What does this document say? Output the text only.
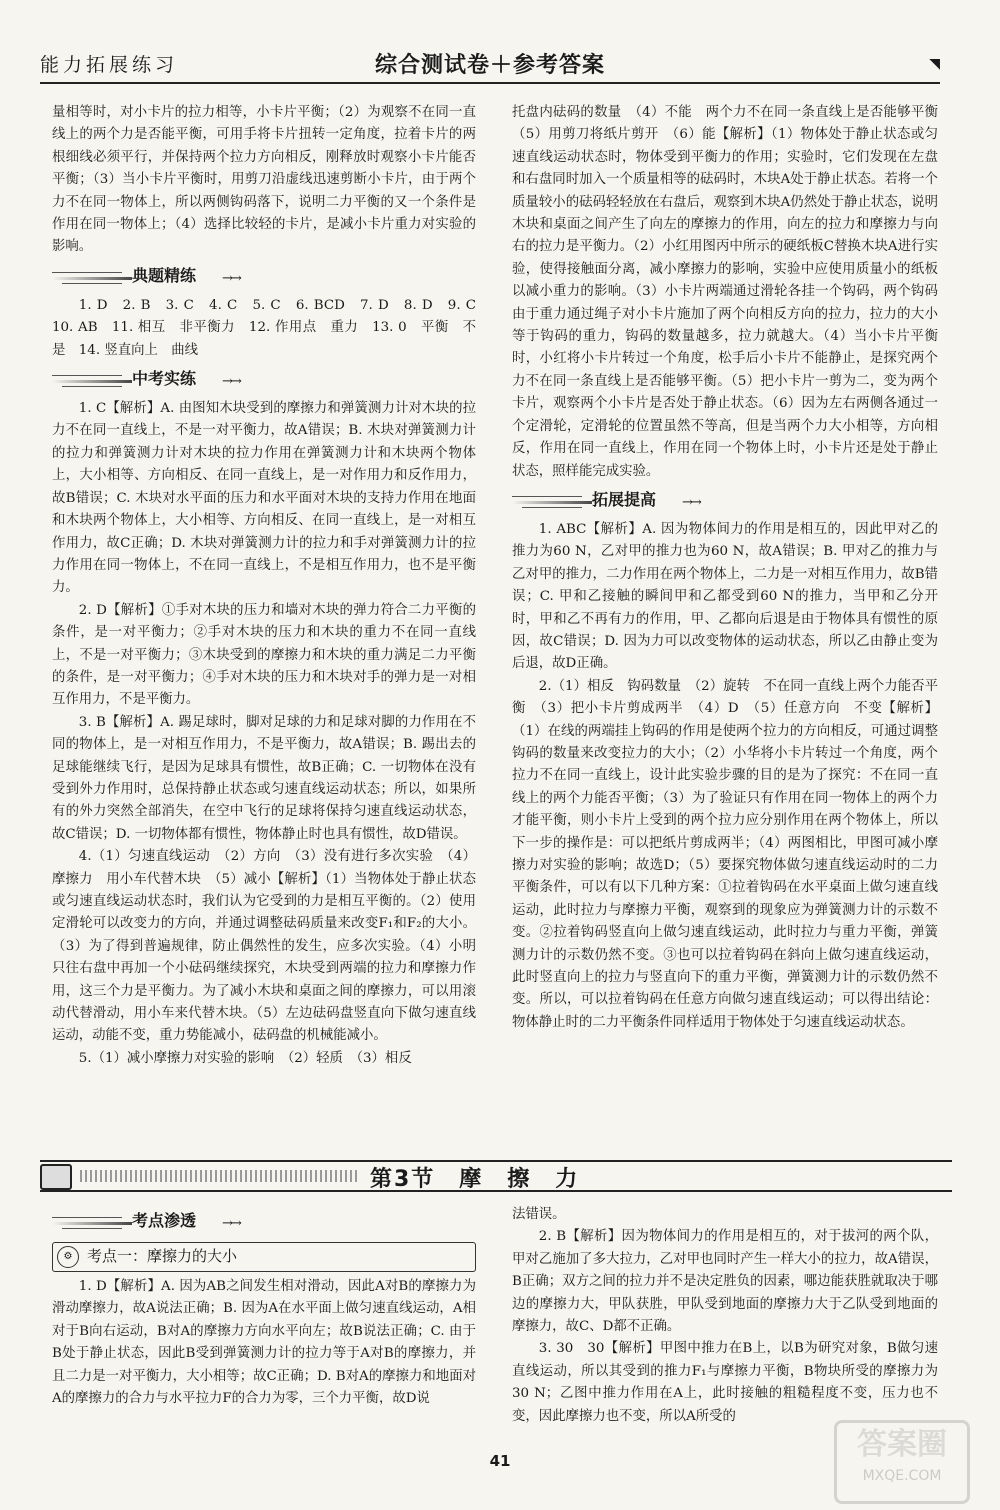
能力拓展练习	综合测试卷＋参考答案	◥

量相等时，对小卡片的拉力相等，小卡片平衡；（2）为观察不在同一直线上的两个力是否能平衡，可用手将卡片扭转一定角度，拉着卡片的两根细线必须平行，并保持两个拉力方向相反，刚释放时观察小卡片能否平衡；（3）当小卡片平衡时，用剪刀沿虚线迅速剪断小卡片，由于两个力不在同一物体上，所以两侧钩码落下，说明二力平衡的又一个条件是作用在同一物体上；（4）选择比较轻的卡片，是减小卡片重力对实验的影响。

典题精练 →→

1. D　2. B　3. C　4. C　5. C　6. BCD　7. D　8. D　9. C　10. AB　11. 相互　非平衡力　12. 作用点　重力　13. 0　平衡　不是　14. 竖直向上　曲线

中考实练 →→

1. C【解析】A. 由图知木块受到的摩擦力和弹簧测力计对木块的拉力不在同一直线上，不是一对平衡力，故A错误；B. 木块对弹簧测力计的拉力和弹簧测力计对木块的拉力作用在弹簧测力计和木块两个物体上，大小相等、方向相反、在同一直线上，是一对作用力和反作用力，故B错误；C. 木块对水平面的压力和水平面对木块的支持力作用在地面和木块两个物体上，大小相等、方向相反、在同一直线上，是一对相互作用力，故C正确；D. 木块对弹簧测力计的拉力和手对弹簧测力计的拉力作用在同一物体上，不在同一直线上，不是相互作用力，也不是平衡力。

2. D【解析】①手对木块的压力和墙对木块的弹力符合二力平衡的条件，是一对平衡力；②手对木块的压力和木块的重力不在同一直线上，不是一对平衡力；③木块受到的摩擦力和木块的重力满足二力平衡的条件，是一对平衡力；④手对木块的压力和木块对手的弹力是一对相互作用力，不是平衡力。

3. B【解析】A. 踢足球时，脚对足球的力和足球对脚的力作用在不同的物体上，是一对相互作用力，不是平衡力，故A错误；B. 踢出去的足球能继续飞行，是因为足球具有惯性，故B正确；C. 一切物体在没有受到外力作用时，总保持静止状态或匀速直线运动状态；所以，如果所有的外力突然全部消失，在空中飞行的足球将保持匀速直线运动状态，故C错误；D. 一切物体都有惯性，物体静止时也具有惯性，故D错误。

4.（1）匀速直线运动　（2）方向　（3）没有进行多次实验　（4）摩擦力　用小车代替木块　（5）减小【解析】（1）当物体处于静止状态或匀速直线运动状态时，我们认为它受到的力是相互平衡的。（2）使用定滑轮可以改变力的方向，并通过调整砝码质量来改变F₁和F₂的大小。（3）为了得到普遍规律，防止偶然性的发生，应多次实验。（4）小明只往右盘中再加一个小砝码继续探究，木块受到两端的拉力和摩擦力作用，这三个力是平衡力。为了减小木块和桌面之间的摩擦力，可以用滚动代替滑动，用小车来代替木块。（5）左边砝码盘竖直向下做匀速直线运动，动能不变，重力势能减小，砝码盘的机械能减小。

5.（1）减小摩擦力对实验的影响　（2）轻质　（3）相反

托盘内砝码的数量　（4）不能　两个力不在同一条直线上是否能够平衡　（5）用剪刀将纸片剪开　（6）能【解析】（1）物体处于静止状态或匀速直线运动状态时，物体受到平衡力的作用；实验时，它们发现在左盘和右盘同时加入一个质量相等的砝码时，木块A处于静止状态。若将一个质量较小的砝码轻轻放在右盘后，观察到木块A仍然处于静止状态，说明木块和桌面之间产生了向左的摩擦力的作用，向左的拉力和摩擦力与向右的拉力是平衡力。（2）小红用图丙中所示的硬纸板C替换木块A进行实验，使得接触面分离，减小摩擦力的影响，实验中应使用质量小的纸板以减小重力的影响。（3）小卡片两端通过滑轮各挂一个钩码，两个钩码由于重力通过绳子对小卡片施加了两个向相反方向的拉力，拉力的大小等于钩码的重力，钩码的数量越多，拉力就越大。（4）当小卡片平衡时，小红将小卡片转过一个角度，松手后小卡片不能静止，是探究两个力不在同一条直线上是否能够平衡。（5）把小卡片一剪为二，变为两个卡片，观察两个小卡片是否处于静止状态。（6）因为左右两侧各通过一个定滑轮，定滑轮的位置虽然不等高，但是当两个力大小相等，方向相反，作用在同一直线上，作用在同一个物体上时，小卡片还是处于静止状态，照样能完成实验。

拓展提高 →→

1. ABC【解析】A. 因为物体间力的作用是相互的，因此甲对乙的推力为60 N，乙对甲的推力也为60 N，故A错误；B. 甲对乙的推力与乙对甲的推力，二力作用在两个物体上，二力是一对相互作用力，故B错误；C. 甲和乙接触的瞬间甲和乙都受到60 N的推力，当甲和乙分开时，甲和乙不再有力的作用，甲、乙都向后退是由于物体具有惯性的原因，故C错误；D. 因为力可以改变物体的运动状态，所以乙由静止变为后退，故D正确。

2.（1）相反　钩码数量　（2）旋转　不在同一直线上两个力能否平衡　（3）把小卡片剪成两半　（4）D　（5）任意方向　不变【解析】（1）在线的两端挂上钩码的作用是使两个拉力的方向相反，可通过调整钩码的数量来改变拉力的大小；（2）小华将小卡片转过一个角度，两个拉力不在同一直线上，设计此实验步骤的目的是为了探究：不在同一直线上的两个力能否平衡；（3）为了验证只有作用在同一物体上的两个力才能平衡，则小卡片上受到的两个拉力应分别作用在两个物体上，所以下一步的操作是：可以把纸片剪成两半；（4）两图相比，甲图可减小摩擦力对实验的影响；故选D；（5）要探究物体做匀速直线运动时的二力平衡条件，可以有以下几种方案：①拉着钩码在水平桌面上做匀速直线运动，此时拉力与摩擦力平衡，观察到的现象应为弹簧测力计的示数不变。②拉着钩码竖直向上做匀速直线运动，此时拉力与重力平衡，弹簧测力计的示数仍然不变。③也可以拉着钩码在斜向上做匀速直线运动，此时竖直向上的拉力与竖直向下的重力平衡，弹簧测力计的示数仍然不变。所以，可以拉着钩码在任意方向做匀速直线运动；可以得出结论：物体静止时的二力平衡条件同样适用于物体处于匀速直线运动状态。

第3节　摩　擦　力
考点渗透 →→
⚙ 考点一：摩擦力的大小

1. D【解析】A. 因为AB之间发生相对滑动，因此A对B的摩擦力为滑动摩擦力，故A说法正确；B. 因为A在水平面上做匀速直线运动，A相对于B向右运动，B对A的摩擦力方向水平向左；故B说法正确；C. 由于B处于静止状态，因此B受到弹簧测力计的拉力等于A对B的摩擦力，并且二力是一对平衡力，大小相等；故C正确；D. B对A的摩擦力和地面对A的摩擦力的合力与水平拉力F的合力为零，三个力平衡，故D说

法错误。

2. B【解析】因为物体间力的作用是相互的，对于拔河的两个队，甲对乙施加了多大拉力，乙对甲也同时产生一样大小的拉力，故A错误，B正确；双方之间的拉力并不是决定胜负的因素，哪边能获胜就取决于哪边的摩擦力大，甲队获胜，甲队受到地面的摩擦力大于乙队受到地面的摩擦力，故C、D都不正确。

3. 30　30【解析】甲图中推力在B上，以B为研究对象，B做匀速直线运动，所以其受到的推力F₁与摩擦力平衡，B物块所受的摩擦力为30 N；乙图中推力作用在A上，此时接触的粗糙程度不变，压力也不变，因此摩擦力也不变，所以A所受的

41	答案圈
MXQE.COM
